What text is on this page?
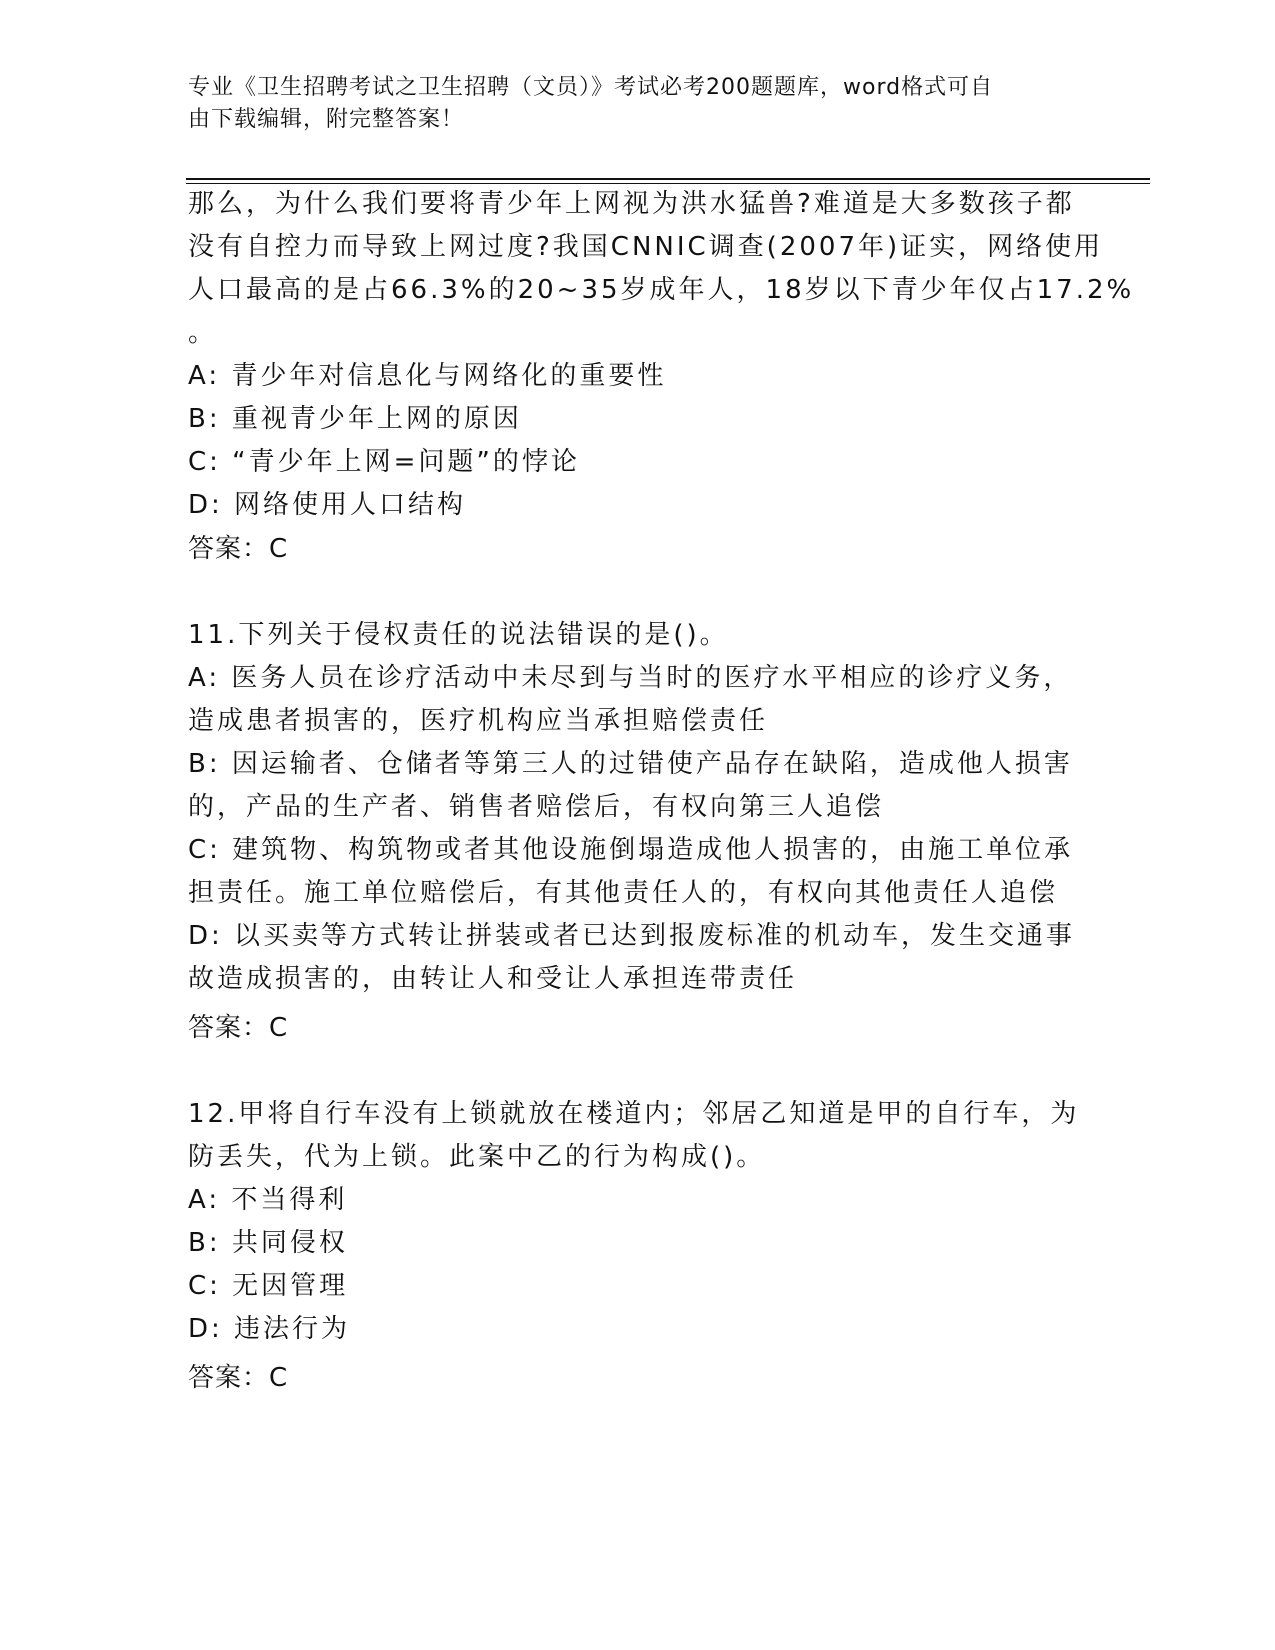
专业《卫生招聘考试之卫生招聘（文员）》考试必考200题题库，word格式可自
由下载编辑，附完整答案！
那么，为什么我们要将青少年上网视为洪水猛兽?难道是大多数孩子都
没有自控力而导致上网过度?我国CNNIC调查(2007年)证实，网络使用
人口最高的是占66.3%的20~35岁成年人，18岁以下青少年仅占17.2%
。
A: 青少年对信息化与网络化的重要性
B: 重视青少年上网的原因
C: “青少年上网=问题”的悖论
D: 网络使用人口结构
答案：C
11.下列关于侵权责任的说法错误的是()。
A: 医务人员在诊疗活动中未尽到与当时的医疗水平相应的诊疗义务，
造成患者损害的，医疗机构应当承担赔偿责任
B: 因运输者、仓储者等第三人的过错使产品存在缺陷，造成他人损害
的，产品的生产者、销售者赔偿后，有权向第三人追偿
C: 建筑物、构筑物或者其他设施倒塌造成他人损害的，由施工单位承
担责任。施工单位赔偿后，有其他责任人的，有权向其他责任人追偿
D: 以买卖等方式转让拼装或者已达到报废标准的机动车，发生交通事
故造成损害的，由转让人和受让人承担连带责任
答案：C
12.甲将自行车没有上锁就放在楼道内；邻居乙知道是甲的自行车，为
防丢失，代为上锁。此案中乙的行为构成()。
A: 不当得利
B: 共同侵权
C: 无因管理
D: 违法行为
答案：C
